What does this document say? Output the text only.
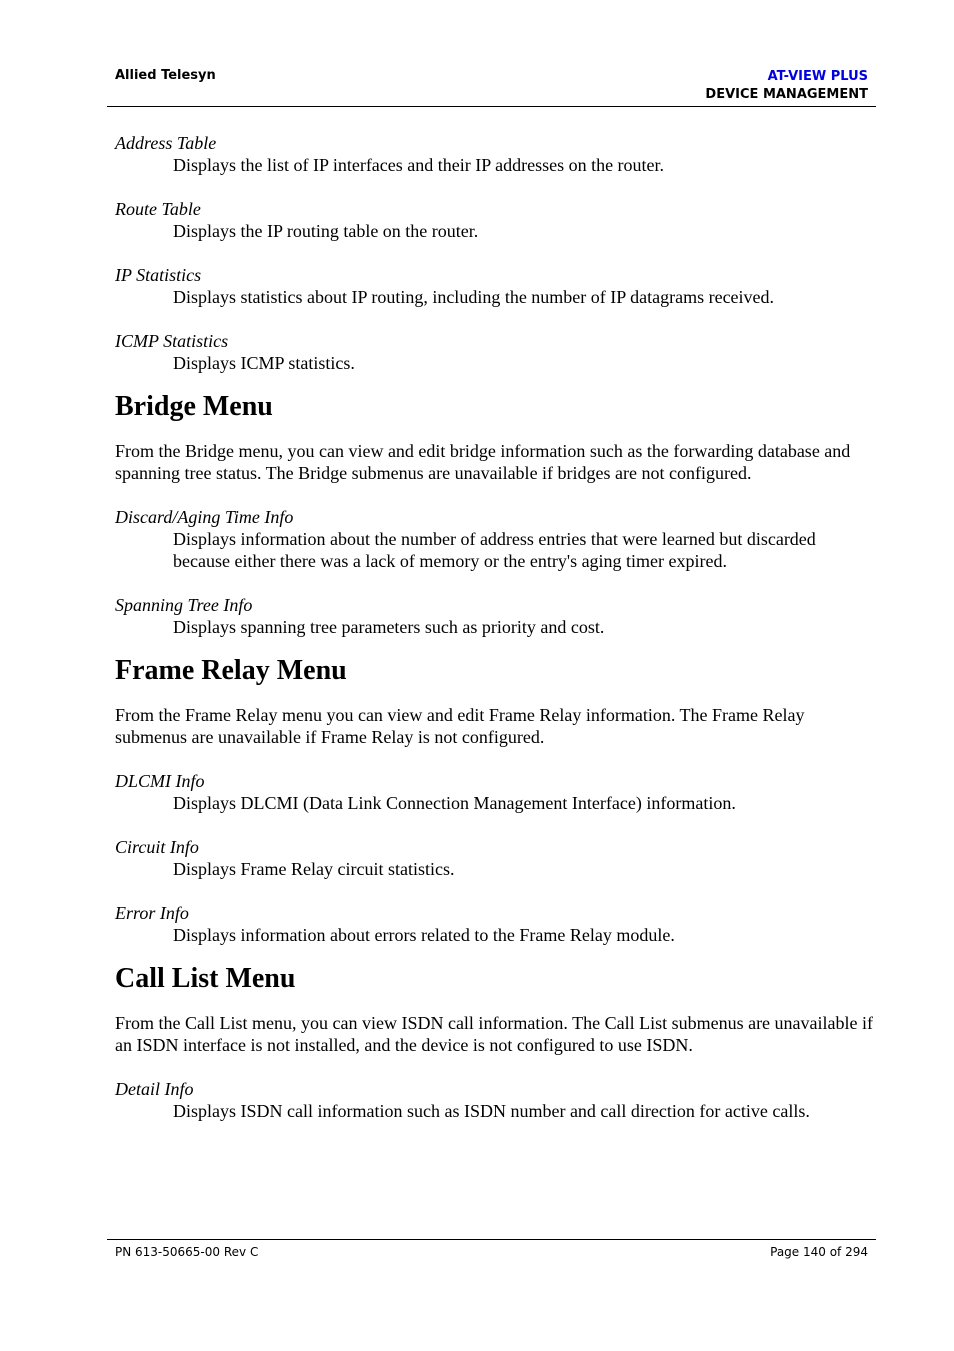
Allied Telesyn	AT-VIEW PLUS
DEVICE MANAGEMENT

Address Table

Displays the list of IP interfaces and their IP addresses on the router.

Route Table

Displays the IP routing table on the router.

IP Statistics

Displays statistics about IP routing, including the number of IP datagrams received.

ICMP Statistics

Displays ICMP statistics.

Bridge Menu

From the Bridge menu, you can view and edit bridge information such as the forwarding database and spanning tree status. The Bridge submenus are unavailable if bridges are not configured.

Discard/Aging Time Info

Displays information about the number of address entries that were learned but discarded because either there was a lack of memory or the entry's aging timer expired.

Spanning Tree Info

Displays spanning tree parameters such as priority and cost.

Frame Relay Menu

From the Frame Relay menu you can view and edit Frame Relay information. The Frame Relay submenus are unavailable if Frame Relay is not configured.

DLCMI Info

Displays DLCMI (Data Link Connection Management Interface) information.

Circuit Info

Displays Frame Relay circuit statistics.

Error Info

Displays information about errors related to the Frame Relay module.

Call List Menu

From the Call List menu, you can view ISDN call information. The Call List submenus are unavailable if an ISDN interface is not installed, and the device is not configured to use ISDN.

Detail Info

Displays ISDN call information such as ISDN number and call direction for active calls.

PN 613-50665-00 Rev C	Page 140 of 294
